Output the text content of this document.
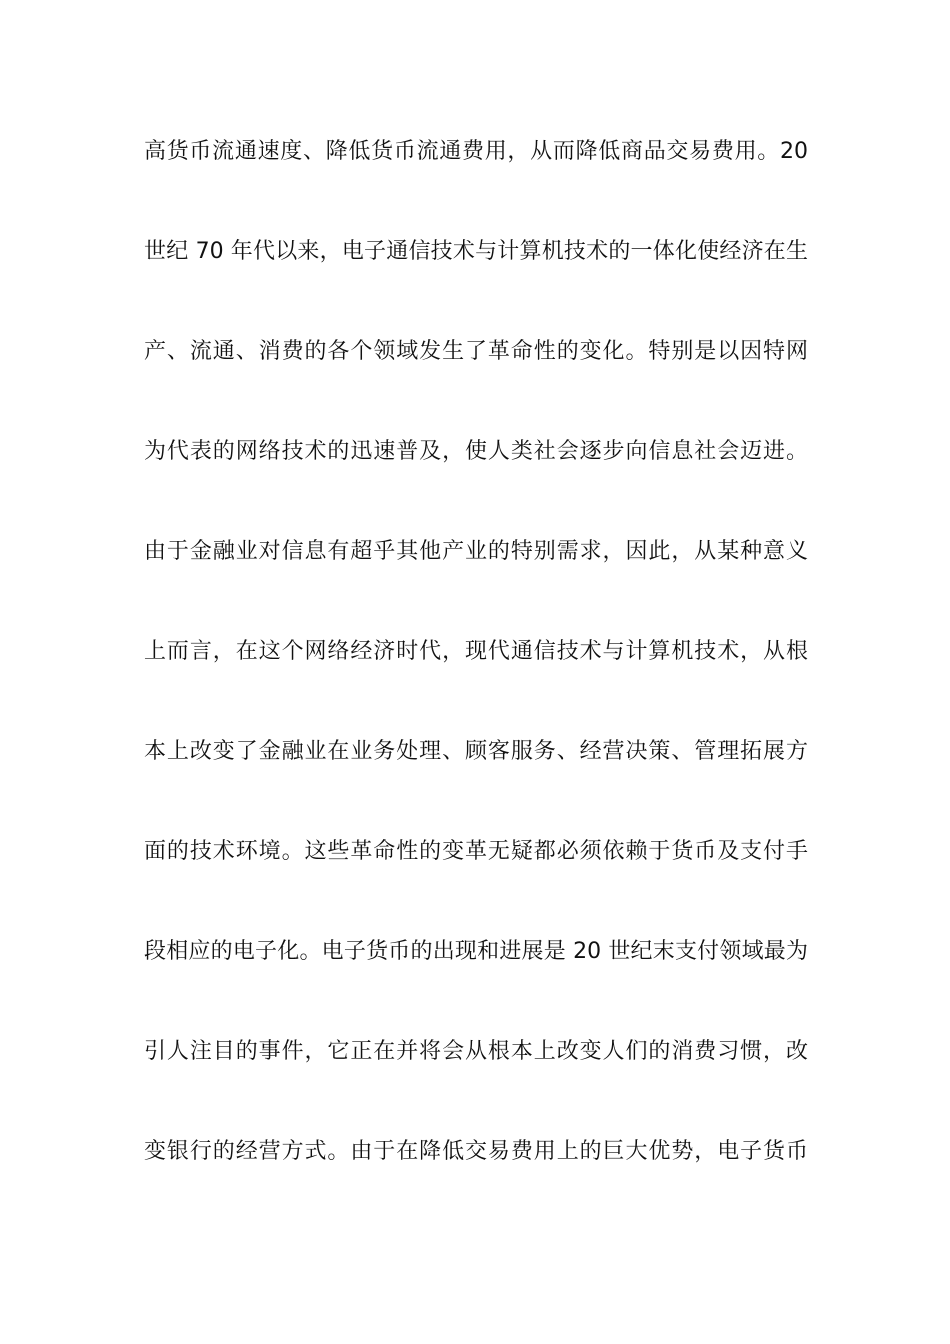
高货币流通速度、降低货币流通费用，从而降低商品交易费用。20
世纪 70 年代以来，电子通信技术与计算机技术的一体化使经济在生
产、流通、消费的各个领域发生了革命性的变化。特别是以因特网
为代表的网络技术的迅速普及，使人类社会逐步向信息社会迈进。
由于金融业对信息有超乎其他产业的特别需求，因此，从某种意义
上而言，在这个网络经济时代，现代通信技术与计算机技术，从根
本上改变了金融业在业务处理、顾客服务、经营决策、管理拓展方
面的技术环境。这些革命性的变革无疑都必须依赖于货币及支付手
段相应的电子化。电子货币的出现和进展是 20 世纪末支付领域最为
引人注目的事件，它正在并将会从根本上改变人们的消费习惯，改
变银行的经营方式。由于在降低交易费用上的巨大优势，电子货币
